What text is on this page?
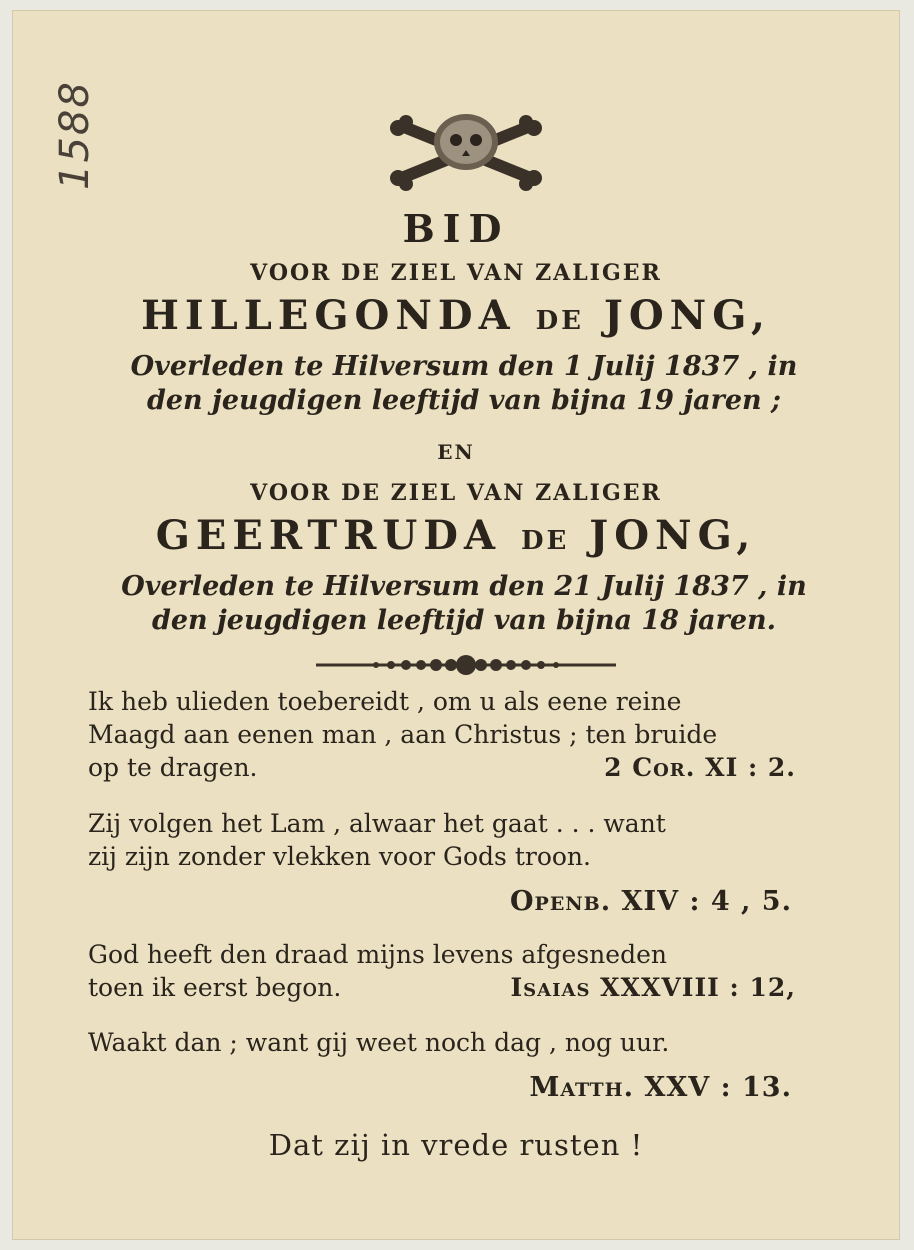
1588
BID
VOOR DE ZIEL VAN ZALIGER
HILLEGONDA DE JONG,
Overleden te Hilversum den 1 Julij 1837 , in
den jeugdigen leeftijd van bijna 19 jaren ;
EN
VOOR DE ZIEL VAN ZALIGER
GEERTRUDA DE JONG,
Overleden te Hilversum den 21 Julij 1837 , in
den jeugdigen leeftijd van bijna 18 jaren.
Ik heb ulieden toebereidt , om u als eene reine
Maagd aan eenen man , aan Christus ; ten bruide
op te dragen.	2 Cor. XI : 2.
Zij volgen het Lam , alwaar het gaat . . . want
zij zijn zonder vlekken voor Gods troon.
Openb. XIV : 4 , 5.
God heeft den draad mijns levens afgesneden
toen ik eerst begon.	Isaias XXXVIII : 12,
Waakt dan ; want gij weet noch dag , nog uur.
Matth. XXV : 13.
Dat zij in vrede rusten !
